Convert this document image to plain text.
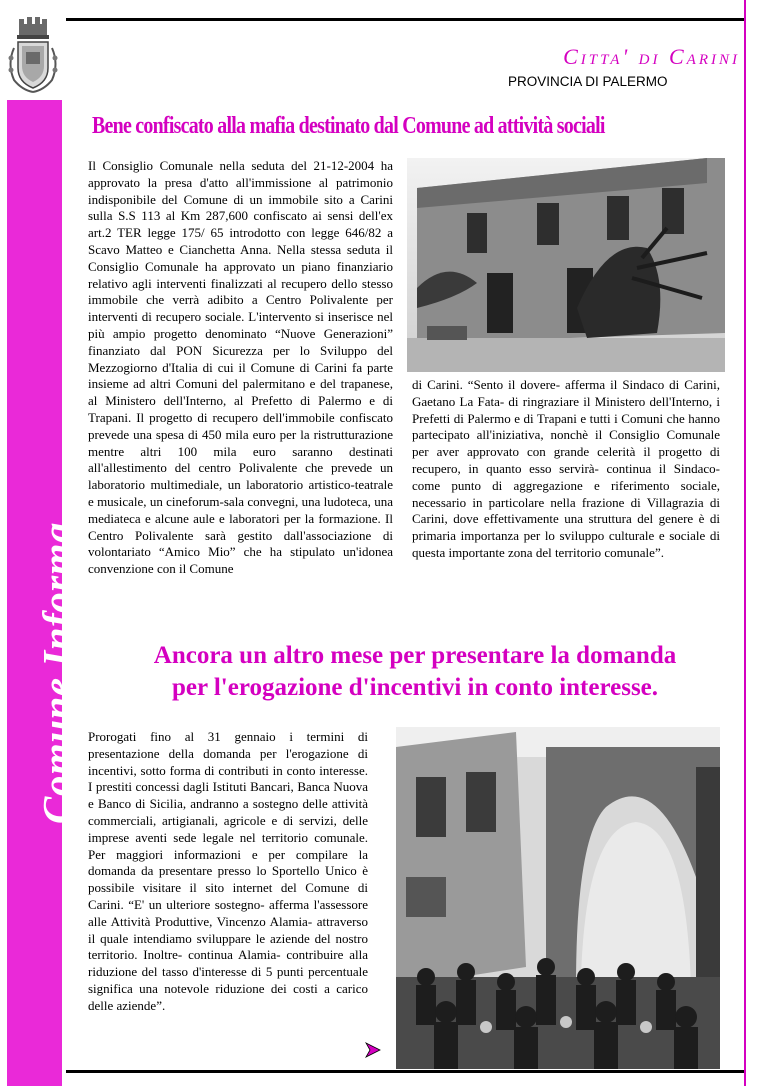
Comune Informa
Citta' di Carini
PROVINCIA DI PALERMO
Bene confiscato alla mafia destinato dal Comune ad attività sociali
Il Consiglio Comunale nella seduta del 21-12-2004 ha approvato la presa d'atto all'immissione al patrimonio indisponibile del Comune di un immobile sito a Carini sulla S.S 113 al Km 287,600 confiscato ai sensi dell'ex art.2 TER legge 175/ 65 introdotto con legge 646/82 a Scavo Matteo e Cianchetta Anna. Nella stessa seduta il Consiglio Comunale ha approvato un piano finanziario relativo agli interventi finalizzati al recupero dello stesso immobile che verrà adibito a Centro Polivalente per interventi di recupero sociale. L'intervento si inserisce nel più ampio progetto denominato “Nuove Generazioni” finanziato dal PON Sicurezza per lo Sviluppo del Mezzogiorno d'Italia di cui il Comune di Carini fa parte insieme ad altri Comuni del palermitano e del trapanese, al Ministero dell'Interno, al Prefetto di Palermo e di Trapani. Il progetto di recupero dell'immobile confiscato prevede una spesa di 450 mila euro per la ristrutturazione mentre altri 100 mila euro saranno destinati all'allestimento del centro Polivalente che prevede un laboratorio multimediale, un laboratorio artistico-teatrale e musicale, un cineforum-sala convegni, una ludoteca, una mediateca e alcune aule e laboratori per la formazione. Il Centro Polivalente sarà gestito dall'associazione di volontariato “Amico Mio” che ha stipulato un'idonea convenzione con il Comune
di Carini. “Sento il dovere- afferma il Sindaco di Carini, Gaetano La Fata- di ringraziare il Ministero dell'Interno, i Prefetti di Palermo e di Trapani e tutti i Comuni che hanno partecipato all'iniziativa, nonchè il Consiglio Comunale per aver approvato con grande celerità il progetto di recupero, in quanto esso servirà- continua il Sindaco- come punto di aggregazione e riferimento sociale, necessario in particolare nella frazione di Villagrazia di Carini, dove effettivamente una struttura del genere è di primaria importanza per lo sviluppo culturale e sociale di questa importante zona del territorio comunale”.
Ancora un altro mese per presentare la domanda
per l'erogazione d'incentivi in conto interesse.
Prorogati fino al 31 gennaio i termini di presentazione della domanda per l'erogazione di incentivi, sotto forma di contributi in conto interesse. I prestiti concessi dagli Istituti Bancari, Banca Nuova e Banco di Sicilia, andranno a sostegno delle attività commerciali, artigianali, agricole e di servizi, delle imprese aventi sede legale nel territorio comunale. Per maggiori informazioni e per compilare la domanda da presentare presso lo Sportello Unico è possibile visitare il sito internet del Comune di Carini. “E' un ulteriore sostegno- afferma l'assessore alle Attività Produttive, Vincenzo Alamia- attraverso il quale intendiamo sviluppare le aziende del nostro territorio. Inoltre- continua Alamia- contribuire alla riduzione del tasso d'interesse di 5 punti percentuale significa una notevole riduzione dei costi a carico delle aziende”.
